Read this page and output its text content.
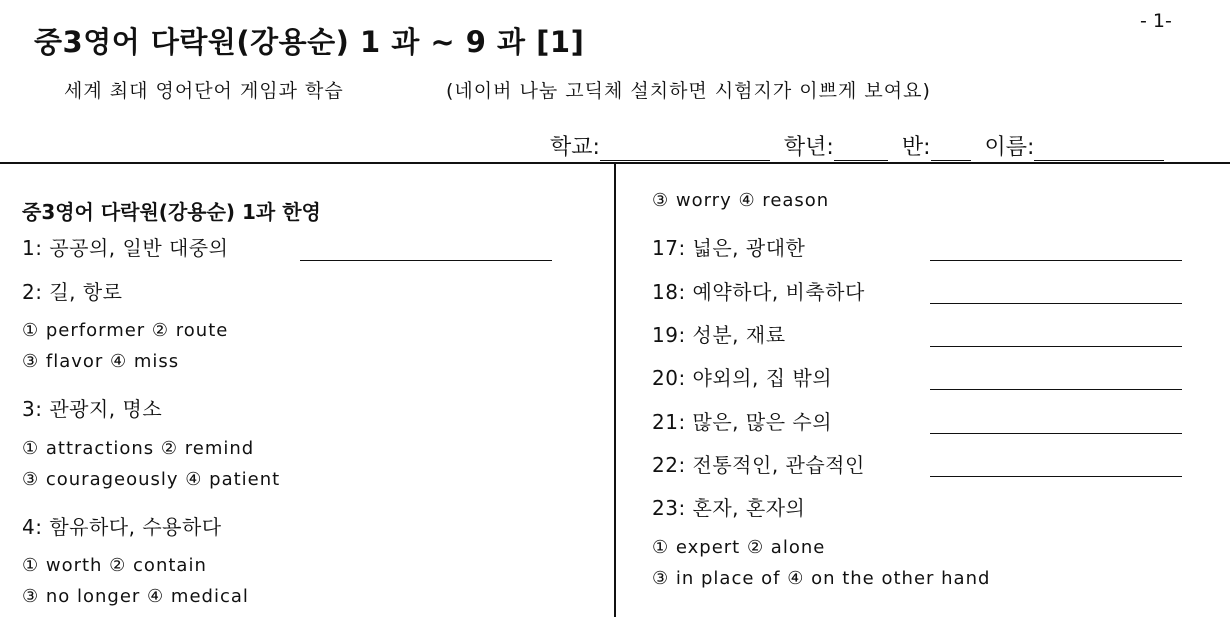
중3영어 다락원(강용순) 1 과 ~ 9 과 [1]
- 1-
세계 최대 영어단어 게임과 학습	(네이버 나눔 고딕체 설치하면 시험지가 이쁘게 보여요)
학교:	학년:	반: 이름:
중3영어 다락원(강용순) 1과 한영
1: 공공의, 일반 대중의
2: 길, 항로
① performer ② route
③ flavor ④ miss
3: 관광지, 명소
① attractions ② remind
③ courageously ④ patient
4: 함유하다, 수용하다
① worth ② contain
③ no longer ④ medical
③ worry ④ reason
17: 넓은, 광대한
18: 예약하다, 비축하다
19: 성분, 재료
20: 야외의, 집 밖의
21: 많은, 많은 수의
22: 전통적인, 관습적인
23: 혼자, 혼자의
① expert ② alone
③ in place of ④ on the other hand
